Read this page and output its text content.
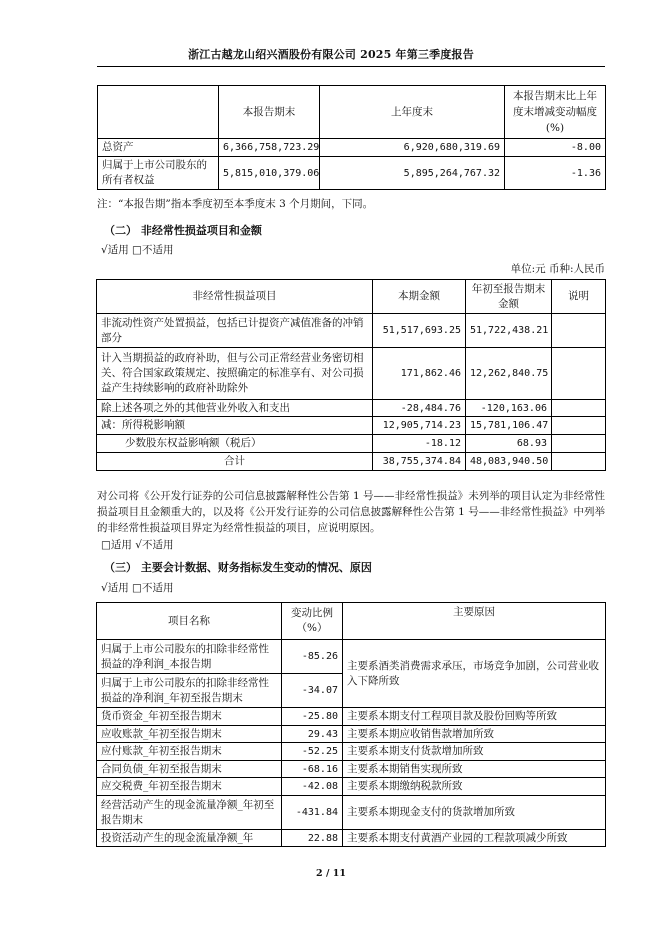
浙江古越龙山绍兴酒股份有限公司 2025 年第三季度报告
	本报告期末	上年度末	本报告期末比上年度末增减变动幅度(%)
总资产	6,366,758,723.29	6,920,680,319.69	-8.00
归属于上市公司股东的所有者权益	5,815,010,379.06	5,895,264,767.32	-1.36
注：“本报告期”指本季度初至本季度末 3 个月期间，下同。
（二） 非经常性损益项目和金额
√适用 □不适用
单位:元 币种:人民币
非经常性损益项目	本期金额	年初至报告期末金额	说明
非流动性资产处置损益，包括已计提资产减值准备的冲销部分	51,517,693.25	51,722,438.21	
计入当期损益的政府补助，但与公司正常经营业务密切相关、符合国家政策规定、按照确定的标准享有、对公司损益产生持续影响的政府补助除外	171,862.46	12,262,840.75	
除上述各项之外的其他营业外收入和支出	-28,484.76	-120,163.06	
减：所得税影响额	12,905,714.23	15,781,106.47	
少数股东权益影响额（税后）	-18.12	68.93	
合计	38,755,374.84	48,083,940.50	
对公司将《公开发行证券的公司信息披露解释性公告第 1 号——非经常性损益》未列举的项目认定为非经常性损益项目且金额重大的，以及将《公开发行证券的公司信息披露解释性公告第 1 号——非经常性损益》中列举的非经常性损益项目界定为经常性损益的项目，应说明原因。
□适用 √不适用
（三） 主要会计数据、财务指标发生变动的情况、原因
√适用 □不适用
项目名称	变动比例（%）	主要原因
归属于上市公司股东的扣除非经常性损益的净利润_本报告期	-85.26	主要系酒类消费需求承压，市场竞争加剧，公司营业收入下降所致
归属于上市公司股东的扣除非经常性损益的净利润_年初至报告期末	-34.07	
货币资金_年初至报告期末	-25.80	主要系本期支付工程项目款及股份回购等所致
应收账款_年初至报告期末	29.43	主要系本期应收销售款增加所致
应付账款_年初至报告期末	-52.25	主要系本期支付货款增加所致
合同负债_年初至报告期末	-68.16	主要系本期销售实现所致
应交税费_年初至报告期末	-42.08	主要系本期缴纳税款所致
经营活动产生的现金流量净额_年初至报告期末	-431.84	主要系本期现金支付的货款增加所致
投资活动产生的现金流量净额_年	22.88	主要系本期支付黄酒产业园的工程款项减少所致
2 / 11
